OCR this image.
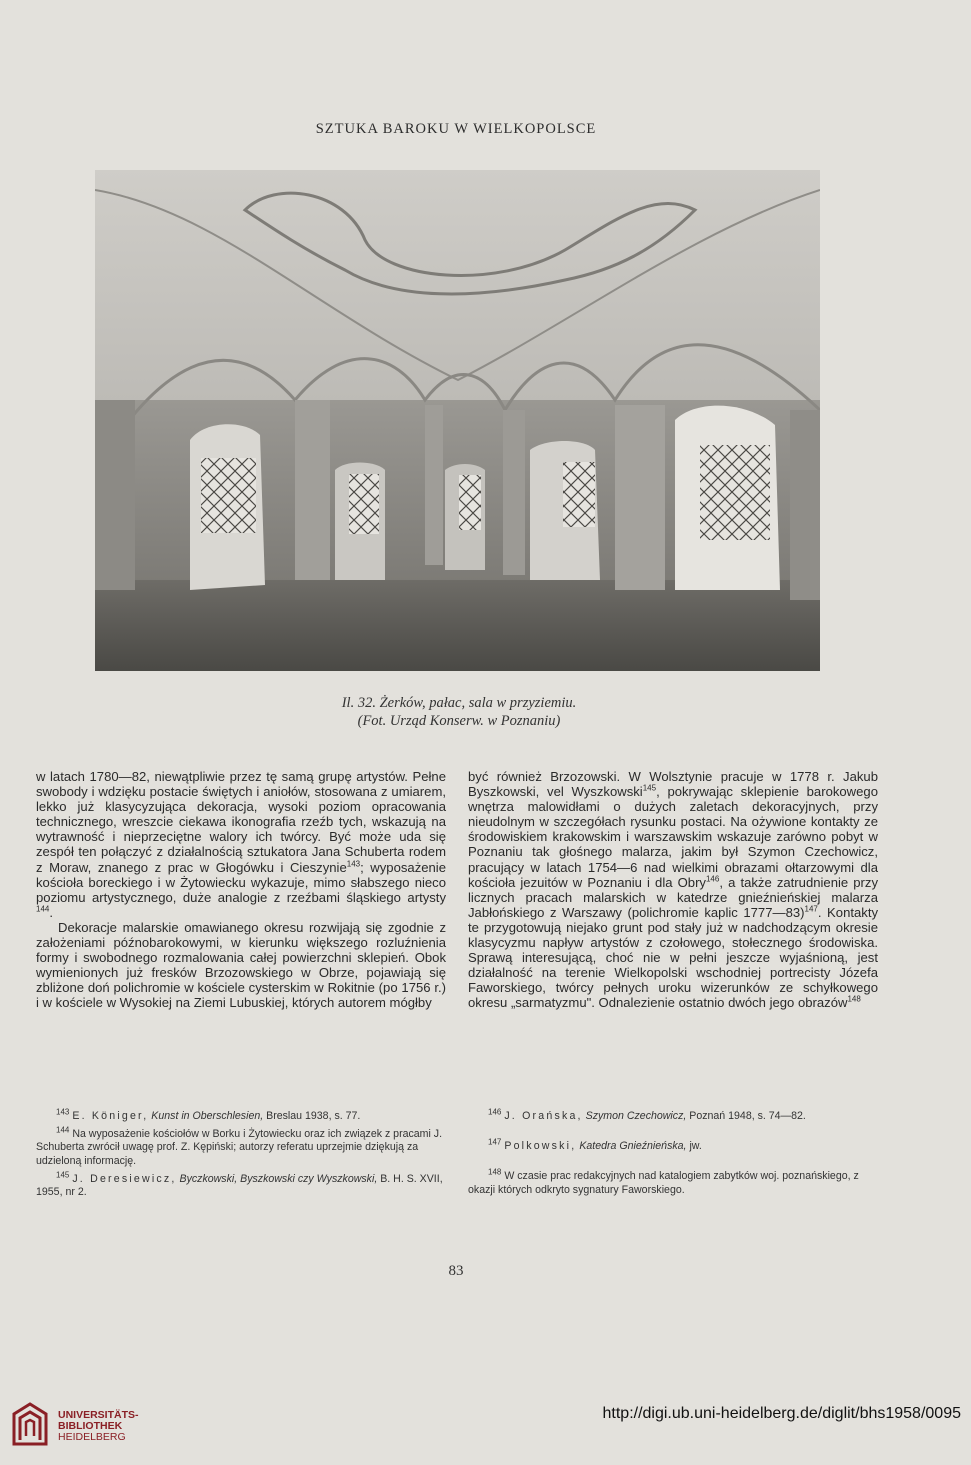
SZTUKA BAROKU W WIELKOPOLSCE
Il. 32. Żerków, pałac, sala w przyziemiu.
(Fot. Urząd Konserw. w Poznaniu)

w latach 1780—82, niewątpliwie przez tę samą grupę artystów. Pełne swobody i wdzięku postacie świętych i aniołów, stosowana z umiarem, lekko już klasycyzująca dekoracja, wysoki poziom opracowania technicznego, wreszcie ciekawa ikonografia rzeźb tych, wskazują na wytrawność i nieprzeciętne walory ich twórcy. Być może uda się zespół ten połączyć z działalnością sztukatora Jana Schuberta rodem z Moraw, znanego z prac w Głogówku i Cieszynie$^{143}$; wyposażenie kościoła boreckiego i w Żytowiecku wykazuje, mimo słabszego nieco poziomu artystycznego, duże analogie z rzeźbami śląskiego artysty $^{144}$.

Dekoracje malarskie omawianego okresu rozwijają się zgodnie z założeniami późnobarokowymi, w kierunku większego rozluźnienia formy i swobodnego rozmalowania całej powierzchni sklepień. Obok wymienionych już fresków Brzozowskiego w Obrze, pojawiają się zbliżone doń polichromie w kościele cysterskim w Rokitnie (po 1756 r.) i w kościele w Wysokiej na Ziemi Lubuskiej, których autorem mógłby

być również Brzozowski. W Wolsztynie pracuje w 1778 r. Jakub Byszkowski, vel Wyszkowski$^{145}$, pokrywając sklepienie barokowego wnętrza malowidłami o dużych zaletach dekoracyjnych, przy nieudolnym w szczegółach rysunku postaci. Na ożywione kontakty ze środowiskiem krakowskim i warszawskim wskazuje zarówno pobyt w Poznaniu tak głośnego malarza, jakim był Szymon Czechowicz, pracujący w latach 1754—6 nad wielkimi obrazami ołtarzowymi dla kościoła jezuitów w Poznaniu i dla Obry$^{146}$, a także zatrudnienie przy licznych pracach malarskich w katedrze gnieźnieńskiej malarza Jabłońskiego z Warszawy (polichromie kaplic 1777—83)$^{147}$. Kontakty te przygotowują niejako grunt pod stały już w nadchodzącym okresie klasycyzmu napływ artystów z czołowego, stołecznego środowiska. Sprawą interesującą, choć nie w pełni jeszcze wyjaśnioną, jest działalność na terenie Wielkopolski wschodniej portrecisty Józefa Faworskiego, twórcy pełnych uroku wizerunków ze schyłkowego okresu „sarmatyzmu". Odnalezienie ostatnio dwóch jego obrazów$^{148}$

$^{143}$ E. Königer, Kunst in Oberschlesien, Breslau 1938, s. 77.

$^{144}$ Na wyposażenie kościołów w Borku i Żytowiecku oraz ich związek z pracami J. Schuberta zwrócił uwagę prof. Z. Kępiński; autorzy referatu uprzejmie dziękują za udzieloną informację.

$^{145}$ J. Deresiewicz, Byczkowski, Byszkowski czy Wyszkowski, B. H. S. XVII, 1955, nr 2.

$^{146}$ J. Orańska, Szymon Czechowicz, Poznań 1948, s. 74—82.

$^{147}$ Polkowski, Katedra Gnieźnieńska, jw.

$^{148}$ W czasie prac redakcyjnych nad katalogiem zabytków woj. poznańskiego, z okazji których odkryto sygnatury Faworskiego.

83
UNIVERSITÄTS-
BIBLIOTHEK
HEIDELBERG
http://digi.ub.uni-heidelberg.de/diglit/bhs1958/0095
